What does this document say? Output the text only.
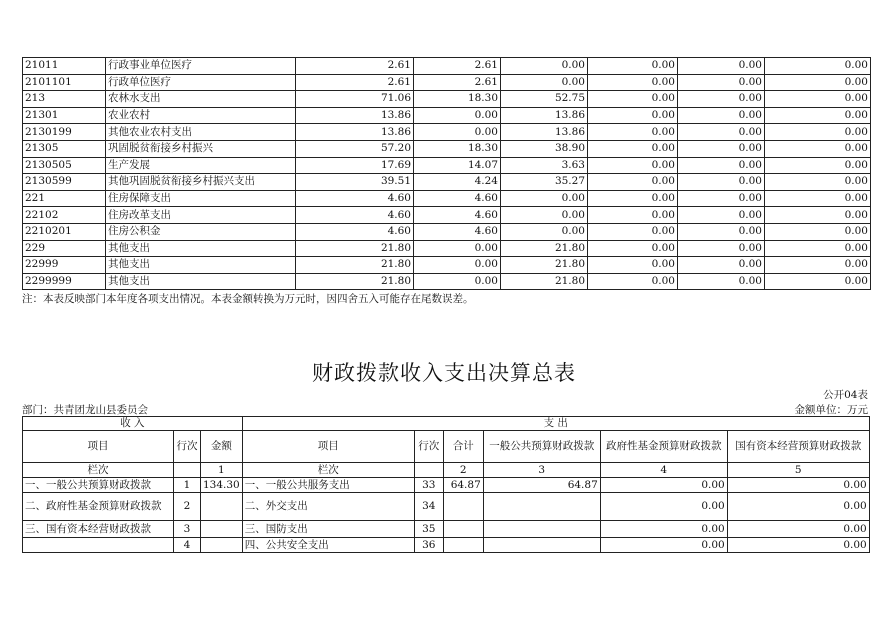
21011	行政事业单位医疗	2.61	2.61	0.00	0.00	0.00	0.00
2101101	行政单位医疗	2.61	2.61	0.00	0.00	0.00	0.00
213	农林水支出	71.06	18.30	52.75	0.00	0.00	0.00
21301	农业农村	13.86	0.00	13.86	0.00	0.00	0.00
2130199	其他农业农村支出	13.86	0.00	13.86	0.00	0.00	0.00
21305	巩固脱贫衔接乡村振兴	57.20	18.30	38.90	0.00	0.00	0.00
2130505	生产发展	17.69	14.07	3.63	0.00	0.00	0.00
2130599	其他巩固脱贫衔接乡村振兴支出	39.51	4.24	35.27	0.00	0.00	0.00
221	住房保障支出	4.60	4.60	0.00	0.00	0.00	0.00
22102	住房改革支出	4.60	4.60	0.00	0.00	0.00	0.00
2210201	住房公积金	4.60	4.60	0.00	0.00	0.00	0.00
229	其他支出	21.80	0.00	21.80	0.00	0.00	0.00
22999	其他支出	21.80	0.00	21.80	0.00	0.00	0.00
2299999	其他支出	21.80	0.00	21.80	0.00	0.00	0.00
注：本表反映部门本年度各项支出情况。本表金额转换为万元时，因四舍五入可能存在尾数误差。
财政拨款收入支出决算总表
公开04表
部门：共青团龙山县委员会	金额单位：万元
收 入			支 出					
项目	行次	金额	项目	行次	合计	一般公共预算财政拨款	政府性基金预算财政拨款	国有资本经营预算财政拨款
栏次		1	栏次		2	3	4	5
一、一般公共预算财政拨款	1	134.30	一、一般公共服务支出	33	64.87	64.87	0.00	0.00
二、政府性基金预算财政拨款	2		二、外交支出	34			0.00	0.00
三、国有资本经营财政拨款	3		三、国防支出	35			0.00	0.00
	4		四、公共安全支出	36			0.00	0.00
